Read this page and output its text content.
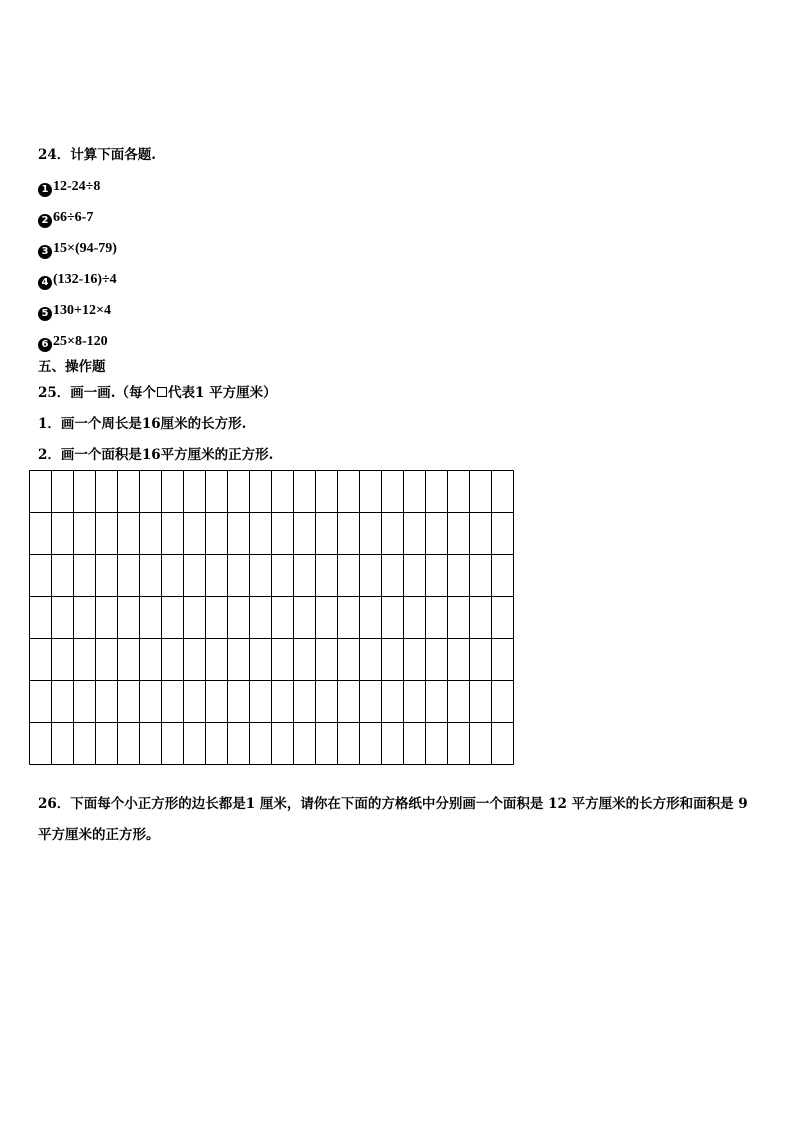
24．计算下面各题.
1 12-24÷8
2 66÷6-7
3 15×(94-79)
4 (132-16)÷4
5 130+12×4
6 25×8-120
五、操作题
25．画一画.（每个 代表1 平方厘米）
1．画一个周长是16厘米的长方形.
2．画一个面积是16平方厘米的正方形.
26．下面每个小正方形的边长都是1 厘米，请你在下面的方格纸中分别画一个面积是 12 平方厘米的长方形和面积是 9
平方厘米的正方形。
